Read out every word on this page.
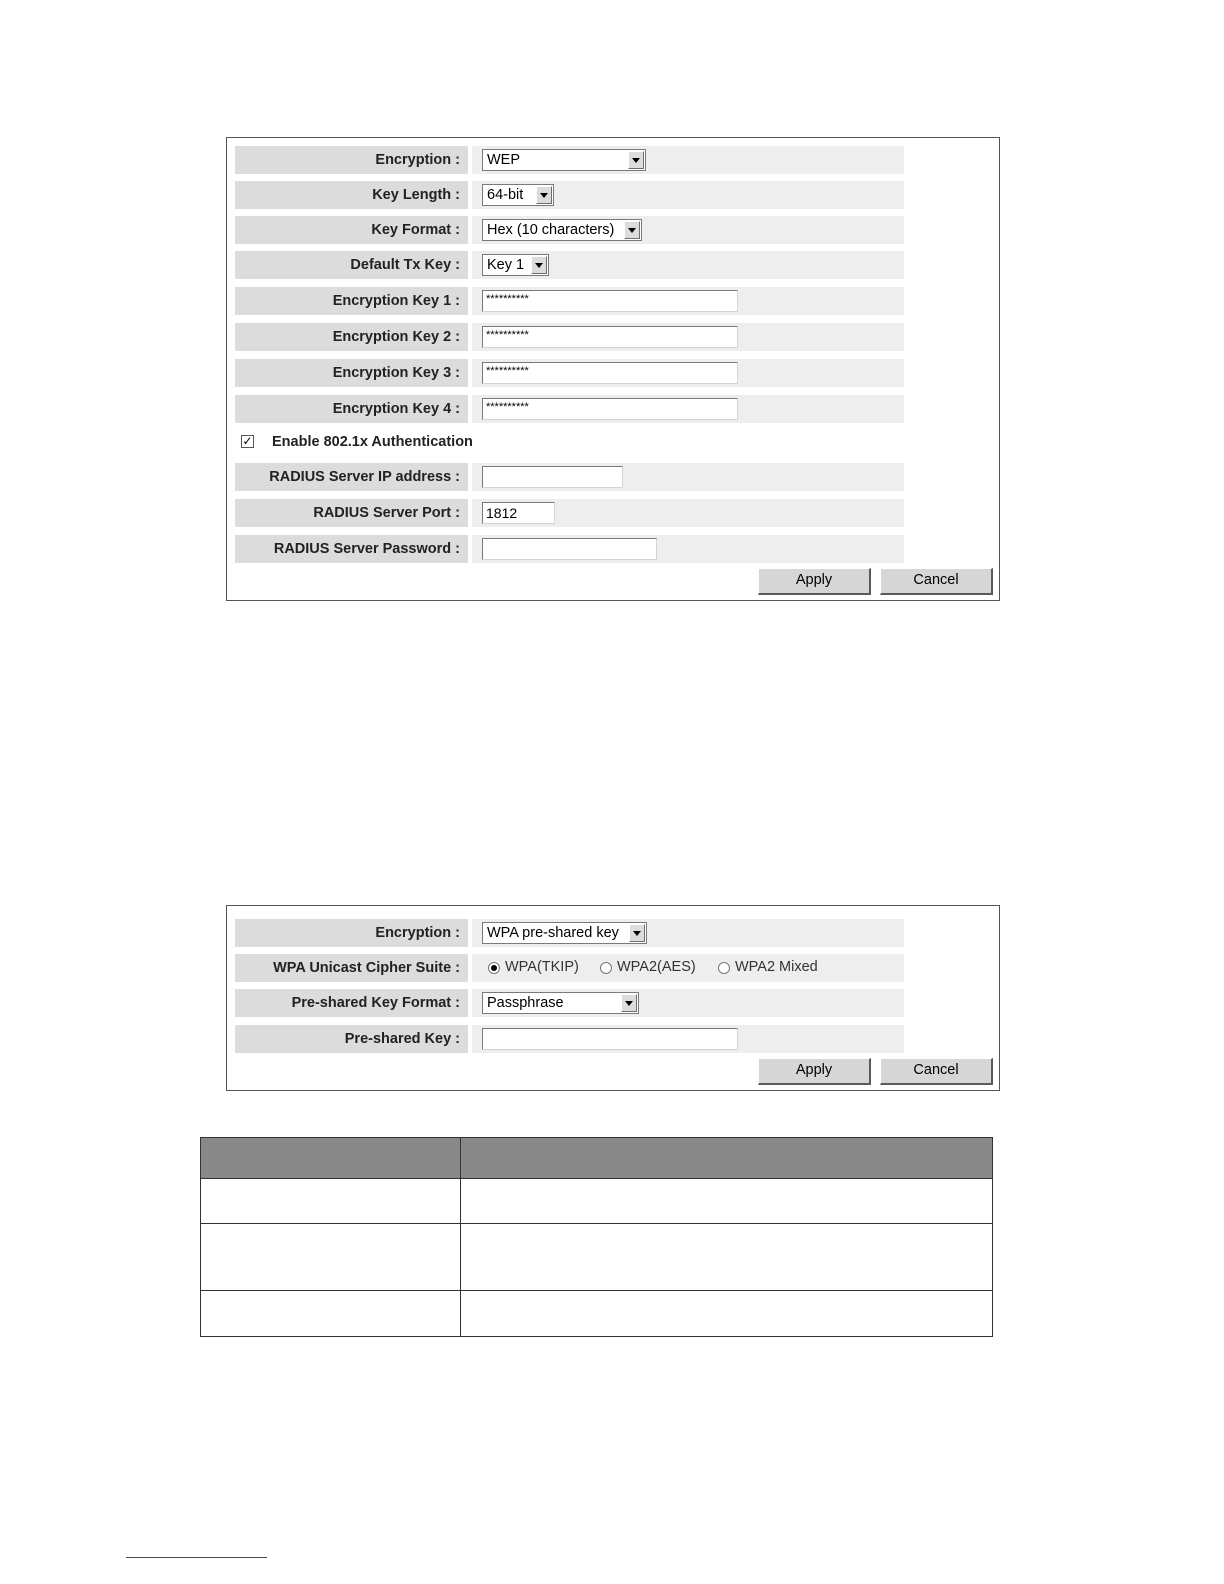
Encryption :	WEP
Key Length :	64-bit
Key Format :	Hex (10 characters)
Default Tx Key :	Key 1
Encryption Key 1 :	**********
Encryption Key 2 :	**********
Encryption Key 3 :	**********
Encryption Key 4 :	**********
✓ Enable 802.1x Authentication
RADIUS Server IP address :
RADIUS Server Port :	1812
RADIUS Server Password :
Apply	Cancel
Encryption :	WPA pre-shared key
WPA Unicast Cipher Suite :	WPA(TKIP)	WPA2(AES)	WPA2 Mixed
Pre-shared Key Format :	Passphrase
Pre-shared Key :
Apply	Cancel
